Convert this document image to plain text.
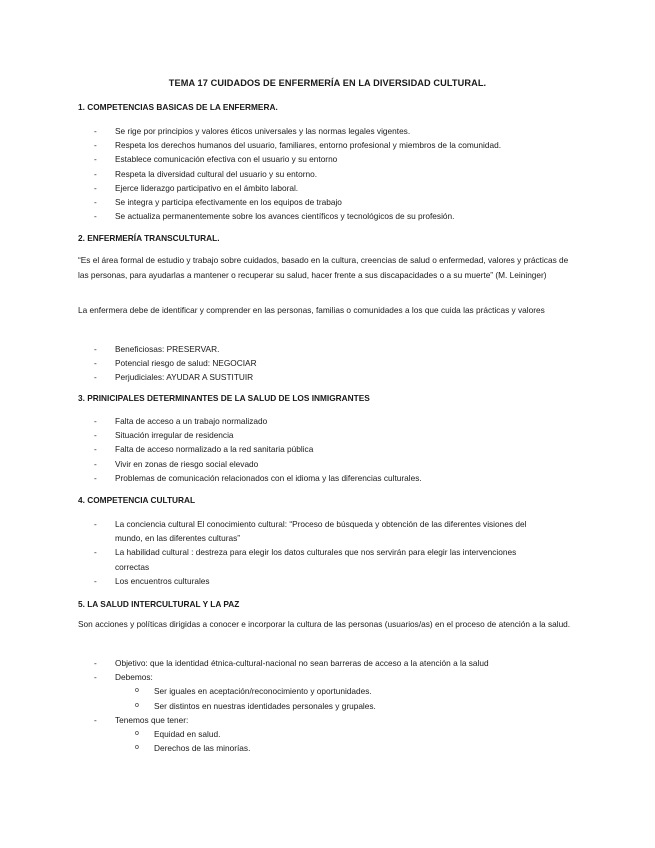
TEMA 17 CUIDADOS DE ENFERMERÍA EN LA DIVERSIDAD CULTURAL.
1. COMPETENCIAS BASICAS DE LA ENFERMERA.
- Se rige por principios y valores éticos universales y las normas legales vigentes.
- Respeta los derechos humanos del usuario, familiares, entorno profesional y miembros de la comunidad.
- Establece comunicación efectiva con el usuario y su entorno
- Respeta la diversidad cultural del usuario y su entorno.
- Ejerce liderazgo participativo en el ámbito laboral.
- Se integra y participa efectivamente en los equipos de trabajo
- Se actualiza permanentemente sobre los avances científicos y tecnológicos de su profesión.
2. ENFERMERÍA TRANSCULTURAL.
“Es el área formal de estudio y trabajo sobre cuidados, basado en la cultura, creencias de salud o enfermedad, valores y prácticas de las personas, para ayudarlas a mantener o recuperar su salud, hacer frente a sus discapacidades o a su muerte” (M. Leininger)
La enfermera debe de identificar y comprender en las personas, familias o comunidades a los que cuida las prácticas y valores
- Beneficiosas: PRESERVAR.
- Potencial riesgo de salud: NEGOCIAR
- Perjudiciales: AYUDAR A SUSTITUIR
3. PRINICIPALES DETERMINANTES DE LA SALUD DE LOS INMIGRANTES
- Falta de acceso a un trabajo normalizado
- Situación irregular de residencia
- Falta de acceso normalizado a la red sanitaria pública
- Vivir en zonas de riesgo social elevado
- Problemas de comunicación relacionados con el idioma y las diferencias culturales.
4. COMPETENCIA CULTURAL
- La conciencia cultural El conocimiento cultural: “Proceso de búsqueda y obtención de las diferentes visiones del mundo, en las diferentes culturas”
- La habilidad cultural : destreza para elegir los datos culturales que nos servirán para elegir las intervenciones correctas
- Los encuentros culturales
5. LA SALUD INTERCULTURAL Y LA PAZ
Son acciones y políticas dirigidas a conocer e incorporar la cultura de las personas (usuarios/as) en el proceso de atención a la salud.
- Objetivo: que la identidad étnica-cultural-nacional no sean barreras de acceso a la atención a la salud
- Debemos:
o Ser iguales en aceptación/reconocimiento y oportunidades.
o Ser distintos en nuestras identidades personales y grupales.
- Tenemos que tener:
o Equidad en salud.
o Derechos de las minorías.
